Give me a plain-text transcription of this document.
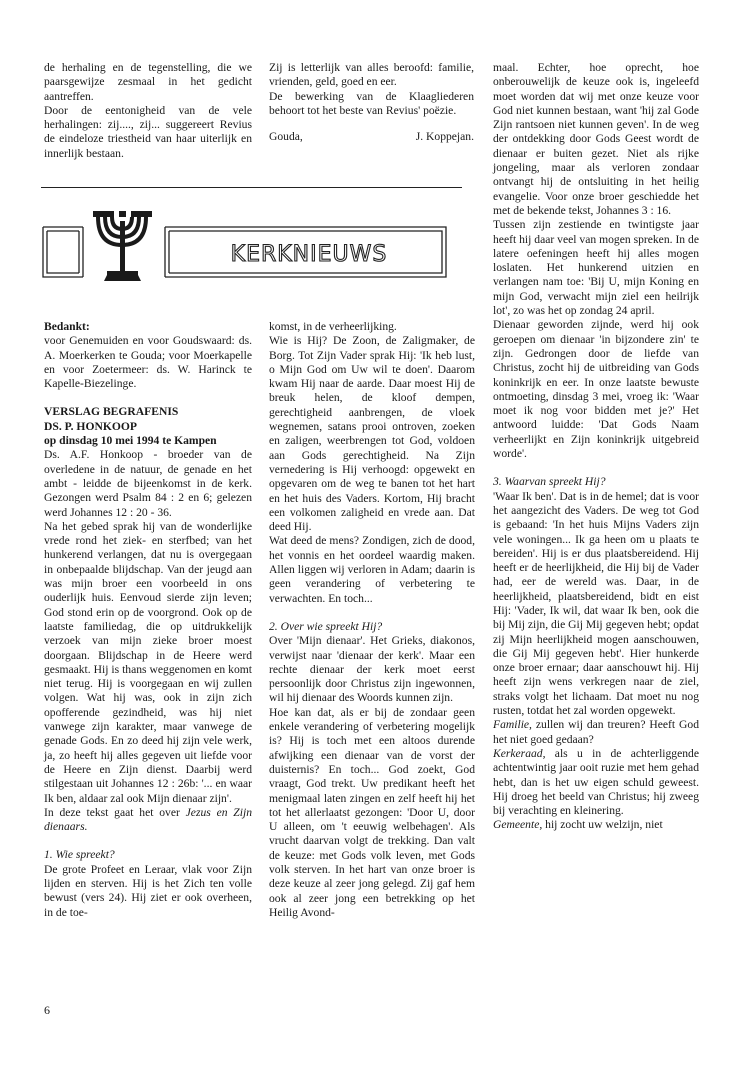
de herhaling en de tegenstelling, die we paarsgewijze zesmaal in het gedicht aantreffen.

Door de eentonigheid van de vele herhalingen: zij...., zij... suggereert Revius de eindeloze triestheid van haar uiterlijk en innerlijk bestaan.

Zij is letterlijk van alles beroofd: familie, vrienden, geld, goed en eer.

De bewerking van de Klaagliederen behoort tot het beste van Revius' poëzie.

Gouda,	J. Koppejan.
KERKNIEUWS

Bedankt:

voor Genemuiden en voor Goudswaard: ds. A. Moerkerken te Gouda; voor Moerkapelle en voor Zoetermeer: ds. W. Harinck te Kapelle-Biezelinge.

VERSLAG BEGRAFENIS

DS. P. HONKOOP

op dinsdag 10 mei 1994 te Kampen

Ds. A.F. Honkoop - broeder van de overledene in de natuur, de genade en het ambt - leidde de bijeenkomst in de kerk. Gezongen werd Psalm 84 : 2 en 6; gelezen werd Johannes 12 : 20 - 36.

Na het gebed sprak hij van de wonderlijke vrede rond het ziek- en sterfbed; van het hunkerend verlangen, dat nu is overgegaan in onbepaalde blijdschap. Van der jeugd aan was mijn broer een voorbeeld in ons ouderlijk huis. Eenvoud sierde zijn leven; God stond erin op de voorgrond. Ook op de laatste familiedag, die op uitdrukkelijk verzoek van mijn zieke broer moest doorgaan. Blijdschap in de Heere werd gesmaakt. Hij is thans weggenomen en komt niet terug. Hij is voorgegaan en wij zullen volgen. Wat hij was, ook in zijn zich opofferende gezindheid, was hij niet vanwege zijn karakter, maar vanwege de genade Gods. En zo deed hij zijn vele werk, ja, zo heeft hij alles gegeven uit liefde voor de Heere en Zijn dienst. Daarbij werd stilgestaan uit Johannes 12 : 26b: '... en waar Ik ben, aldaar zal ook Mijn dienaar zijn'.

In deze tekst gaat het over Jezus en Zijn dienaars.

1. Wie spreekt?

De grote Profeet en Leraar, vlak voor Zijn lijden en sterven. Hij is het Zich ten volle bewust (vers 24). Hij ziet er ook overheen, in de toe-

komst, in de verheerlijking.

Wie is Hij? De Zoon, de Zaligmaker, de Borg. Tot Zijn Vader sprak Hij: 'Ik heb lust, o Mijn God om Uw wil te doen'. Daarom kwam Hij naar de aarde. Daar moest Hij de breuk helen, de kloof dempen, gerechtigheid aanbrengen, de vloek wegnemen, satans prooi ontroven, zoeken en zaligen, weerbrengen tot God, voldoen aan Gods gerechtigheid. Na Zijn vernedering is Hij verhoogd: opgewekt en opgevaren om de weg te banen tot het hart en het huis des Vaders. Kortom, Hij bracht een volkomen zaligheid en vrede aan. Dat deed Hij.

Wat deed de mens? Zondigen, zich de dood, het vonnis en het oordeel waardig maken. Allen liggen wij verloren in Adam; daarin is geen verandering of verbetering te verwachten. En toch...

2. Over wie spreekt Hij?

Over 'Mijn dienaar'. Het Grieks, diakonos, verwijst naar 'dienaar der kerk'. Maar een rechte dienaar der kerk moet eerst persoonlijk door Christus zijn ingewonnen, wil hij dienaar des Woords kunnen zijn.

Hoe kan dat, als er bij de zondaar geen enkele verandering of verbetering mogelijk is? Hij is toch met een altoos durende afwijking een dienaar van de vorst der duisternis? En toch... God zoekt, God vraagt, God trekt. Uw predikant heeft het menigmaal laten zingen en zelf heeft hij het tot het allerlaatst gezongen: 'Door U, door U alleen, om 't eeuwig welbehagen'. Als vrucht daarvan volgt de trekking. Dan valt de keuze: met Gods volk leven, met Gods volk sterven. In het hart van onze broer is deze keuze al zeer jong gelegd. Zij gaf hem ook al zeer jong een betrekking op het Heilig Avond-

maal. Echter, hoe oprecht, hoe onberouwelijk de keuze ook is, ingeleefd moet worden dat wij met onze keuze voor God niet kunnen bestaan, want 'hij zal Gode Zijn rantsoen niet kunnen geven'. In de weg der ontdekking door Gods Geest wordt de dienaar er buiten gezet. Niet als rijke jongeling, maar als verloren zondaar ontvangt hij de ontsluiting in het heilig evangelie. Voor onze broer geschiedde het met de bekende tekst, Johannes 3 : 16.

Tussen zijn zestiende en twintigste jaar heeft hij daar veel van mogen spreken. In de latere oefeningen heeft hij alles mogen loslaten. Het hunkerend uitzien en verlangen nam toe: 'Bij U, mijn Koning en mijn God, verwacht mijn ziel een heilrijk lot', zo was het op zondag 24 april.

Dienaar geworden zijnde, werd hij ook geroepen om dienaar 'in bijzondere zin' te zijn. Gedrongen door de liefde van Christus, zocht hij de uitbreiding van Gods koninkrijk en eer. In onze laatste bewuste ontmoeting, dinsdag 3 mei, vroeg ik: 'Waar moet ik nog voor bidden met je?' Het antwoord luidde: 'Dat Gods Naam verheerlijkt en Zijn koninkrijk uitgebreid worde'.

3. Waarvan spreekt Hij?

'Waar Ik ben'. Dat is in de hemel; dat is voor het aangezicht des Vaders. De weg tot God is gebaand: 'In het huis Mijns Vaders zijn vele woningen... Ik ga heen om u plaats te bereiden'. Hij is er dus plaatsbereidend. Hij heeft er de heerlijkheid, die Hij bij de Vader had, eer de wereld was. Daar, in de heerlijkheid, plaatsbereidend, bidt en eist Hij: 'Vader, Ik wil, dat waar Ik ben, ook die bij Mij zijn, die Gij Mij gegeven hebt; opdat zij Mijn heerlijkheid mogen aanschouwen, die Gij Mij gegeven hebt'. Hier hunkerde onze broer ernaar; daar aanschouwt hij. Hij heeft zijn wens verkregen naar de ziel, straks volgt het lichaam. Dat moet nu nog rusten, totdat het zal worden opgewekt.

Familie, zullen wij dan treuren? Heeft God het niet goed gedaan?

Kerkeraad, als u in de achterliggende achtentwintig jaar ooit ruzie met hem gehad hebt, dan is het uw eigen schuld geweest. Hij droeg het beeld van Christus; hij zweeg bij verachting en kleinering.

Gemeente, hij zocht uw welzijn, niet

6
